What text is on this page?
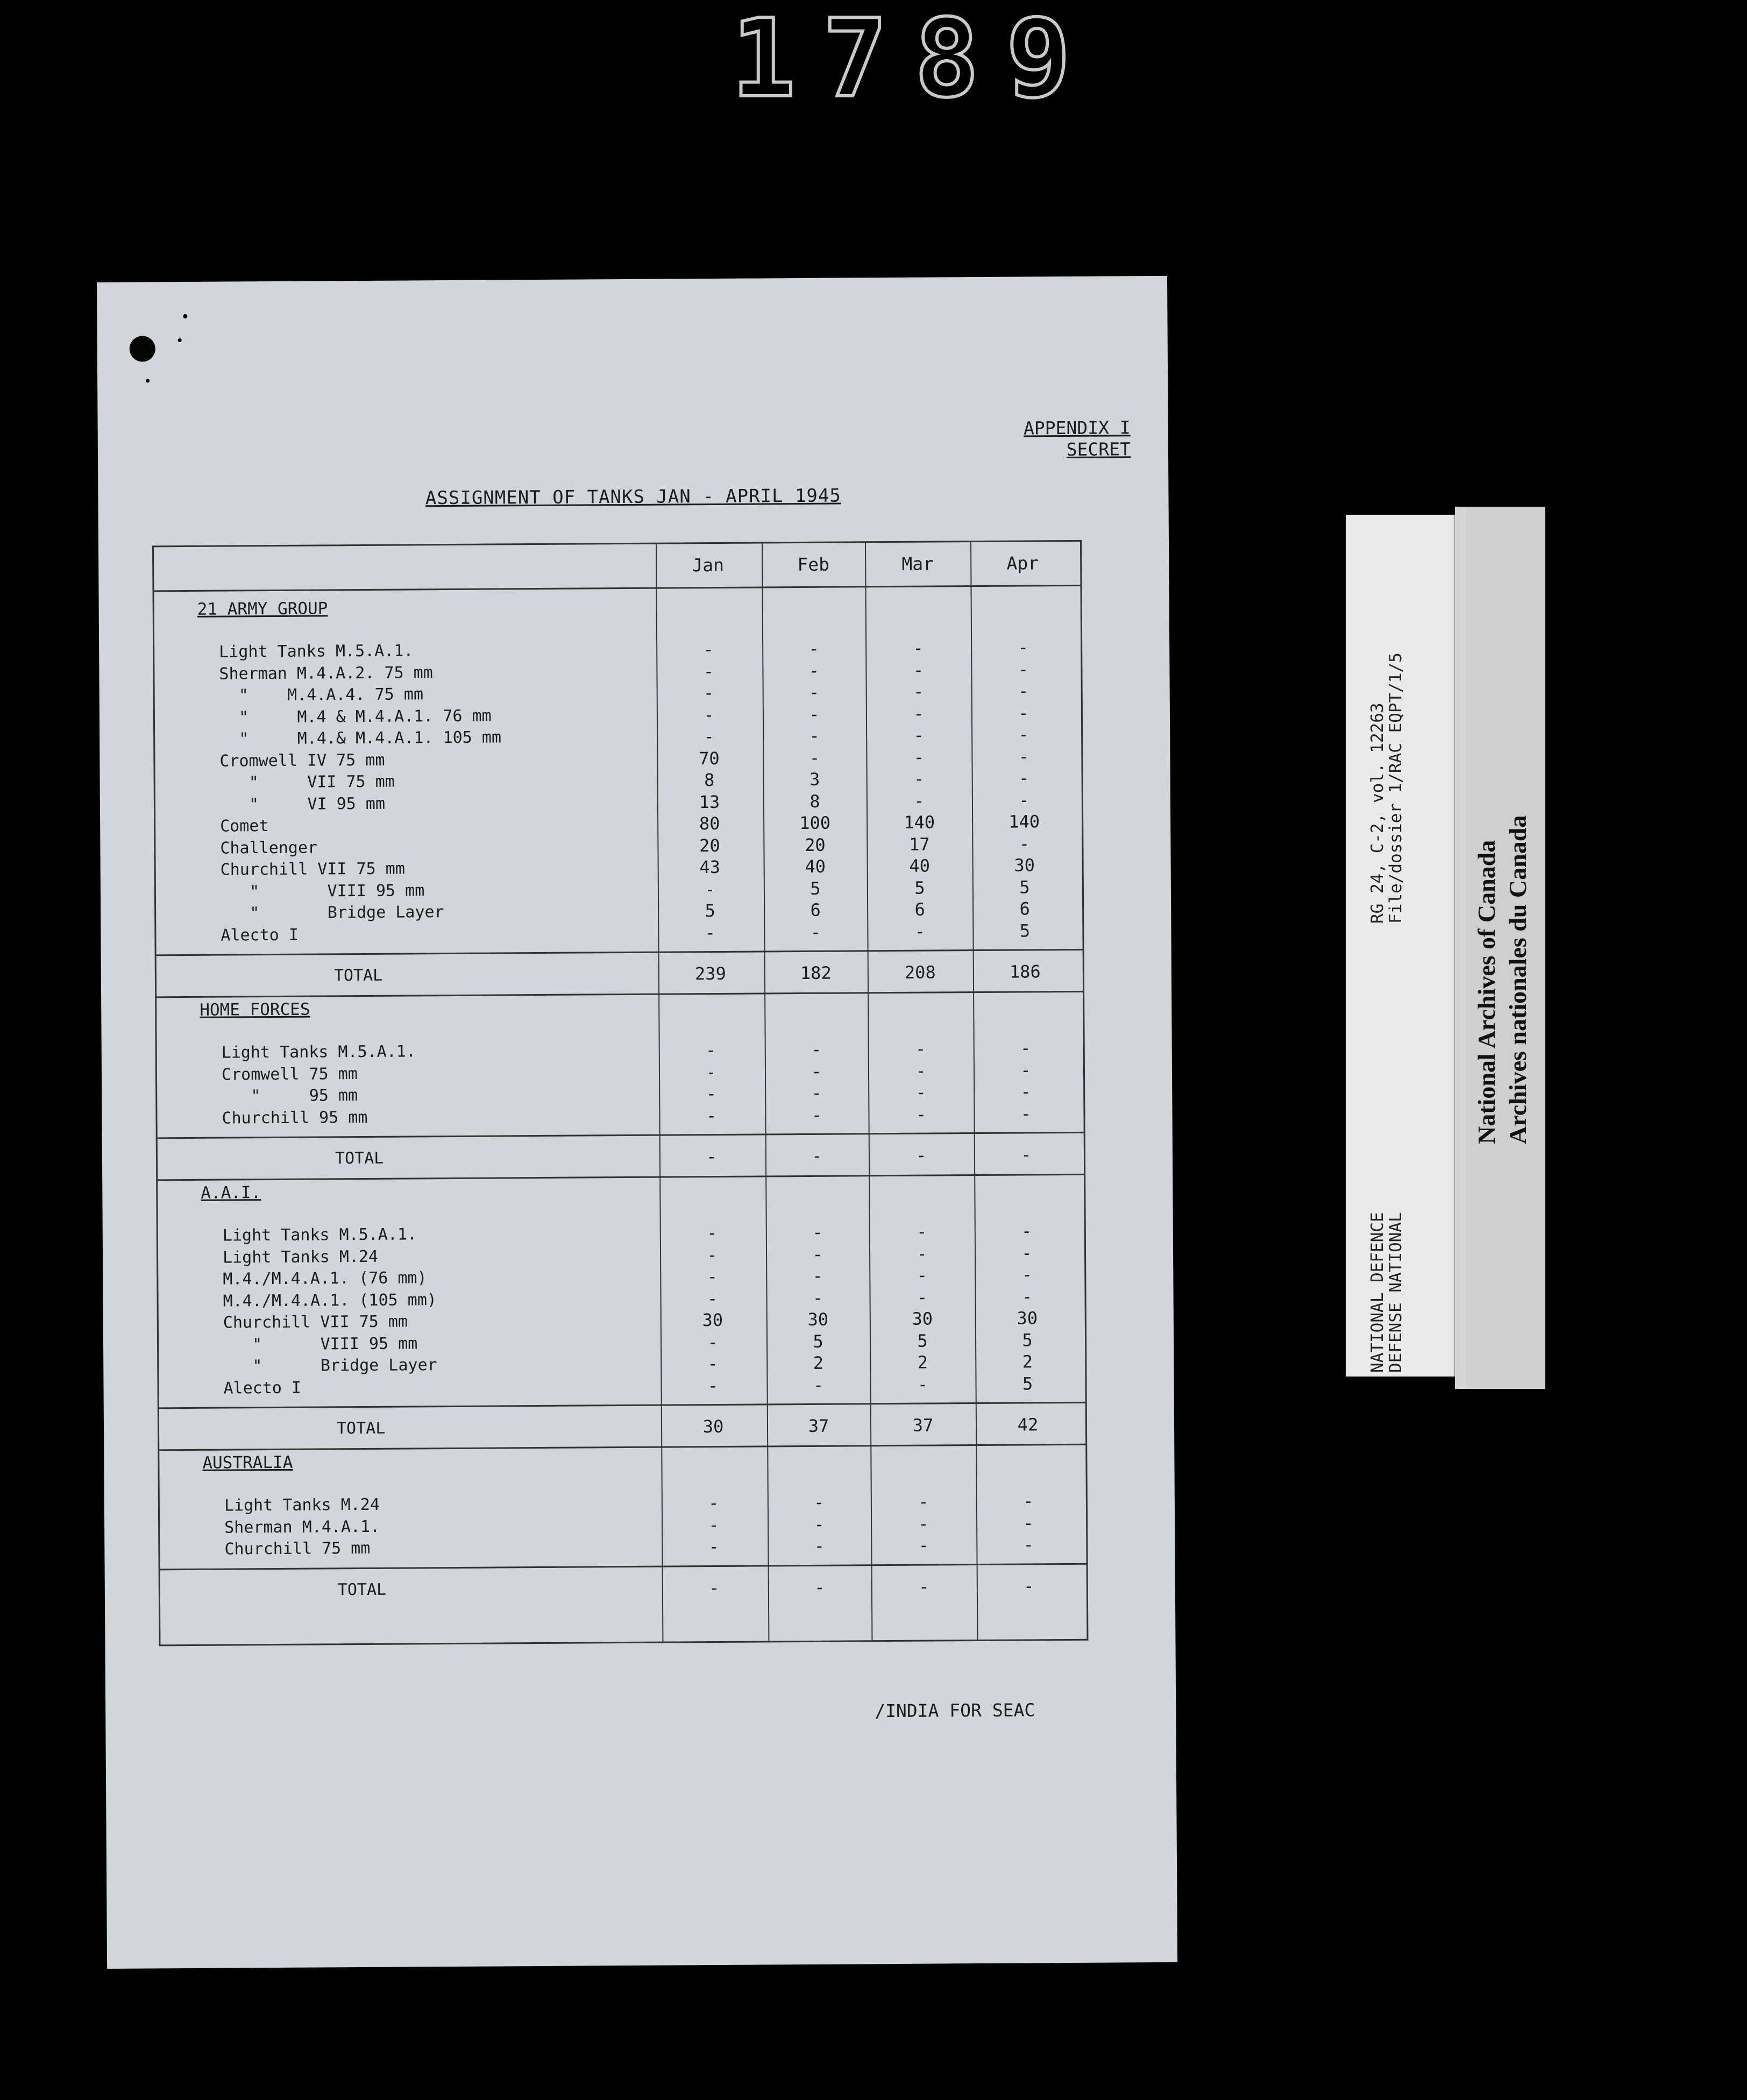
1789
APPENDIX I
SECRET
ASSIGNMENT OF TANKS JAN - APRIL 1945
Jan	Feb	Mar	Apr
21 ARMY GROUP
Light Tanks M.5.A.1.	-	-	-	-
Sherman M.4.A.2. 75 mm	-	-	-	-
"    M.4.A.4. 75 mm	-	-	-	-
"     M.4 & M.4.A.1. 76 mm	-	-	-	-
"     M.4.& M.4.A.1. 105 mm	-	-	-	-
Cromwell IV 75 mm	70	-	-	-
"     VII 75 mm	8	3	-	-
"     VI 95 mm	13	8	-	-
Comet	80	100	140	140
Challenger	20	20	17	-
Churchill VII 75 mm	43	40	40	30
"       VIII 95 mm	-	5	5	5
"       Bridge Layer	5	6	6	6
Alecto I	-	-	-	5
TOTAL	239	182	208	186
HOME FORCES
Light Tanks M.5.A.1.	-	-	-	-
Cromwell 75 mm	-	-	-	-
"     95 mm	-	-	-	-
Churchill 95 mm	-	-	-	-
TOTAL	-	-	-	-
A.A.I.
Light Tanks M.5.A.1.	-	-	-	-
Light Tanks M.24	-	-	-	-
M.4./M.4.A.1. (76 mm)	-	-	-	-
M.4./M.4.A.1. (105 mm)	-	-	-	-
Churchill VII 75 mm	30	30	30	30
"      VIII 95 mm	-	5	5	5
"      Bridge Layer	-	2	2	2
Alecto I	-	-	-	5
TOTAL	30	37	37	42
AUSTRALIA
Light Tanks M.24	-	-	-	-
Sherman M.4.A.1.	-	-	-	-
Churchill 75 mm	-	-	-	-
TOTAL	-	-	-	-
/INDIA FOR SEAC
RG 24, C-2, vol. 12263
File/dossier 1/RAC EQPT/1/5
NATIONAL DEFENCE
DEFENSE NATIONAL
National Archives of Canada Archives nationales du Canada
